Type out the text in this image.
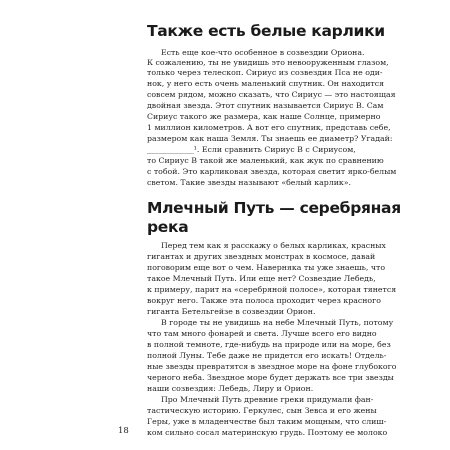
Также есть белые карлики
Есть еще кое-что особенное в созвездии Ориона.
К сожалению, ты не увидишь это невооруженным глазом,
только через телескоп. Сириус из созвездия Пса не оди-
нок, у него есть очень маленький спутник. Он находится
совсем рядом, можно сказать, что Сириус — это настоящая
двойная звезда. Этот спутник называется Сириус В. Сам
Сириус такого же размера, как наше Солнце, примерно
1 миллион километров. А вот его спутник, представь себе,
размером как наша Земля. Ты знаешь ее диаметр? Угадай:
____________¹. Если сравнить Сириус В с Сириусом,
то Сириус В такой же маленький, как жук по сравнению
с тобой. Это карликовая звезда, которая светит ярко-белым
светом. Такие звезды называют «белый карлик».
Млечный Путь — серебряная
река
Перед тем как я расскажу о белых карликах, красных
гигантах и других звездных монстрах в космосе, давай
поговорим еще вот о чем. Наверняка ты уже знаешь, что
такое Млечный Путь. Или еще нет? Созвездие Лебедь,
к примеру, парит на «серебряной полосе», которая тянется
вокруг него. Также эта полоса проходит через красного
гиганта Бетельгейзе в созвездии Орион.
В городе ты не увидишь на небе Млечный Путь, потому
что там много фонарей и света. Лучше всего его видно
в полной темноте, где-нибудь на природе или на море, без
полной Луны. Тебе даже не придется его искать! Отдель-
ные звезды превратятся в звездное море на фоне глубокого
черного неба. Звездное море будет держать все три звезды
наши созвездия: Лебедь, Лиру и Орион.
Про Млечный Путь древние греки придумали фан-
тастическую историю. Геркулес, сын Зевса и его жены
Геры, уже в младенчестве был таким мощным, что слиш-
ком сильно сосал материнскую грудь. Поэтому ее молоко
18
